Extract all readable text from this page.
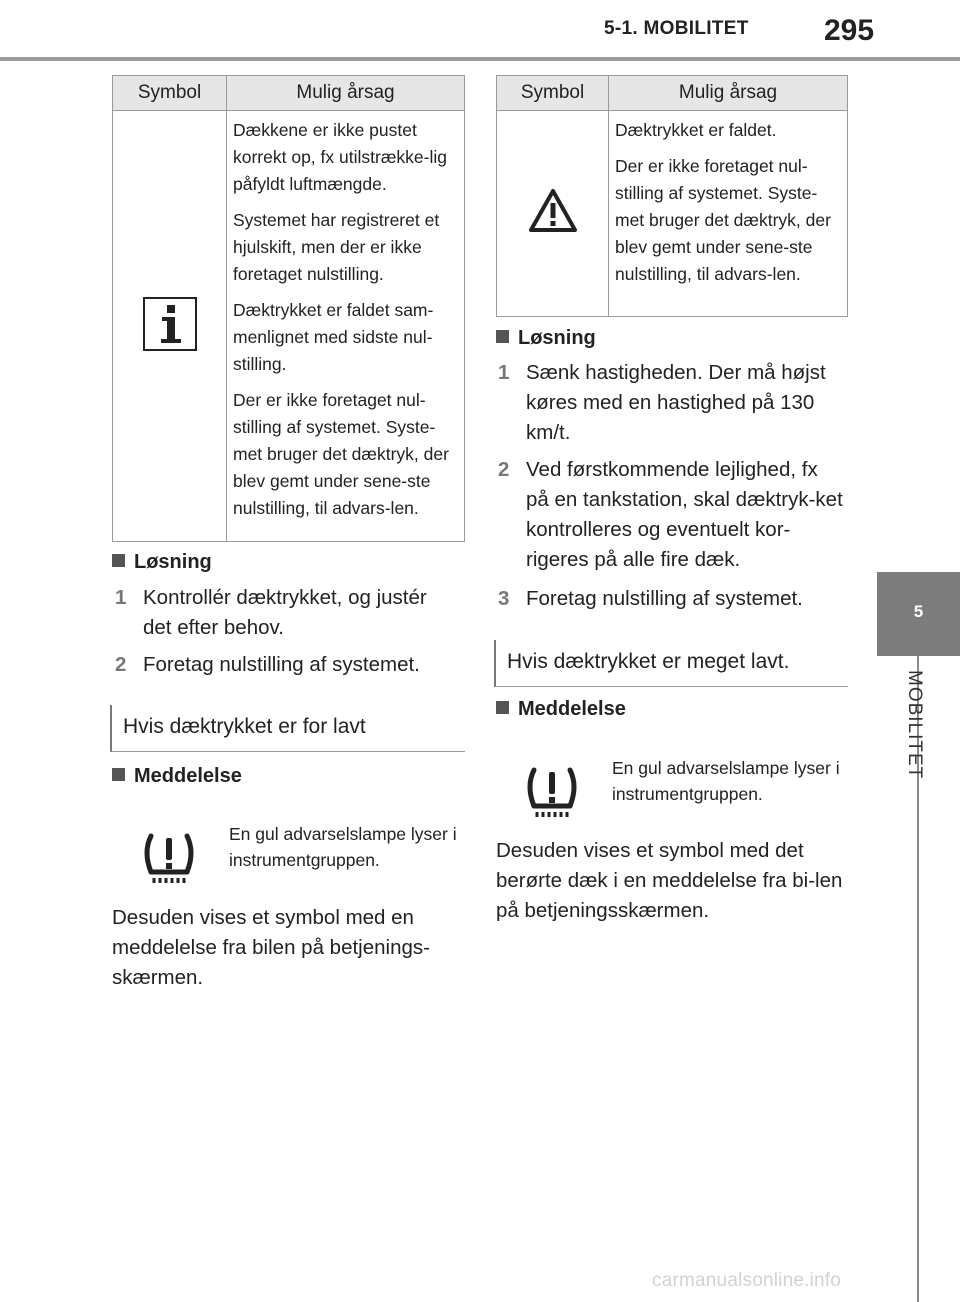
5-1. MOBILITET	295
5
MOBILITET
Symbol	Mulig årsag

Dækkene er ikke pustet korrekt op, fx utilstrække-lig påfyldt luftmængde.

Systemet har registreret et hjulskift, men der er ikke foretaget nulstilling.

Dæktrykket er faldet sam-menlignet med sidste nul-stilling.

Der er ikke foretaget nul-stilling af systemet. Syste-met bruger det dæktryk, der blev gemt under sene-ste nulstilling, til advars-len.

Løsning
1 Kontrollér dæktrykket, og justér det efter behov.
2 Foretag nulstilling af systemet.
Hvis dæktrykket er for lavt
Meddelelse
En gul advarselslampe lyser i instrumentgruppen.
Desuden vises et symbol med en meddelelse fra bilen på betjenings-skærmen.
Symbol	Mulig årsag

Dæktrykket er faldet.

Der er ikke foretaget nul-stilling af systemet. Syste-met bruger det dæktryk, der blev gemt under sene-ste nulstilling, til advars-len.

Løsning
1 Sænk hastigheden. Der må højst køres med en hastighed på 130 km/t.
2 Ved førstkommende lejlighed, fx på en tankstation, skal dæktryk-ket kontrolleres og eventuelt kor-rigeres på alle fire dæk.
3 Foretag nulstilling af systemet.
Hvis dæktrykket er meget lavt.
Meddelelse
En gul advarselslampe lyser i instrumentgruppen.
Desuden vises et symbol med det berørte dæk i en meddelelse fra bi-len på betjeningsskærmen.
carmanualsonline.info
